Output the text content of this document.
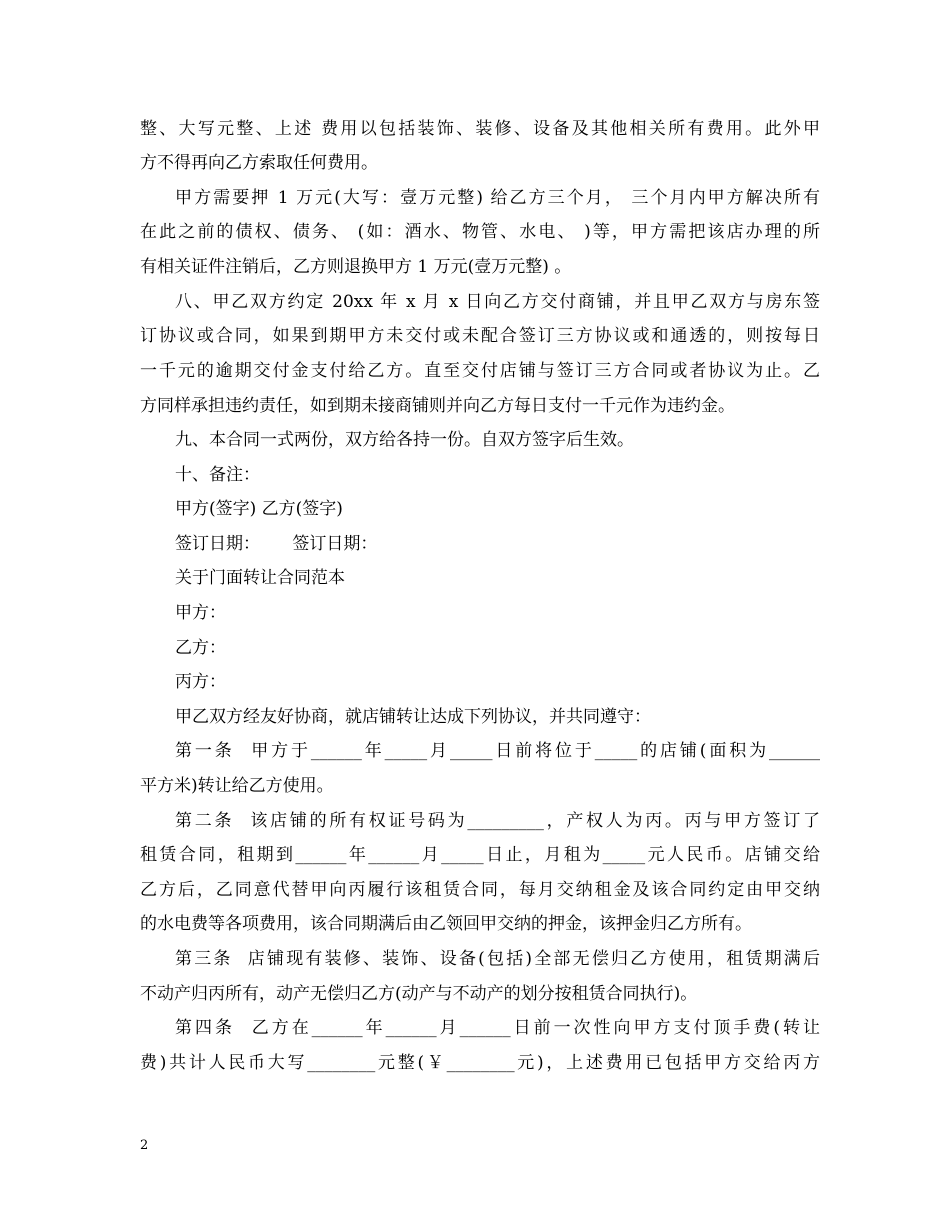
整、大写元整、上述 费用以包括装饰、装修、设备及其他相关所有费用。此外甲
方不得再向乙方索取任何费用。
甲方需要押 1 万元(大写：壹万元整) 给乙方三个月， 三个月内甲方解决所有
在此之前的债权、债务、 (如：酒水、物管、水电、 )等，甲方需把该店办理的所
有相关证件注销后，乙方则退换甲方 1 万元(壹万元整) 。
八、甲乙双方约定 20xx 年 x 月 x 日向乙方交付商铺，并且甲乙双方与房东签
订协议或合同，如果到期甲方未交付或未配合签订三方协议或和通透的，则按每日
一千元的逾期交付金支付给乙方。直至交付店铺与签订三方合同或者协议为止。乙
方同样承担违约责任，如到期未接商铺则并向乙方每日支付一千元作为违约金。
九、本合同一式两份，双方给各持一份。自双方签字后生效。
十、备注：
甲方(签字) 乙方(签字)
签订日期：      签订日期：
关于门面转让合同范本
甲方：
乙方：
丙方：
甲乙双方经友好协商，就店铺转让达成下列协议，并共同遵守：
第一条  甲方于______年_____月_____日前将位于_____的店铺(面积为______
平方米)转让给乙方使用。
第二条  该店铺的所有权证号码为_________，产权人为丙。丙与甲方签订了
租赁合同，租期到______年______月_____日止，月租为_____元人民币。店铺交给
乙方后，乙同意代替甲向丙履行该租赁合同，每月交纳租金及该合同约定由甲交纳
的水电费等各项费用，该合同期满后由乙领回甲交纳的押金，该押金归乙方所有。
第三条  店铺现有装修、装饰、设备(包括)全部无偿归乙方使用，租赁期满后
不动产归丙所有，动产无偿归乙方(动产与不动产的划分按租赁合同执行)。
第四条  乙方在______年______月______日前一次性向甲方支付顶手费(转让
费)共计人民币大写________元整(￥________元)，上述费用已包括甲方交给丙方
2
